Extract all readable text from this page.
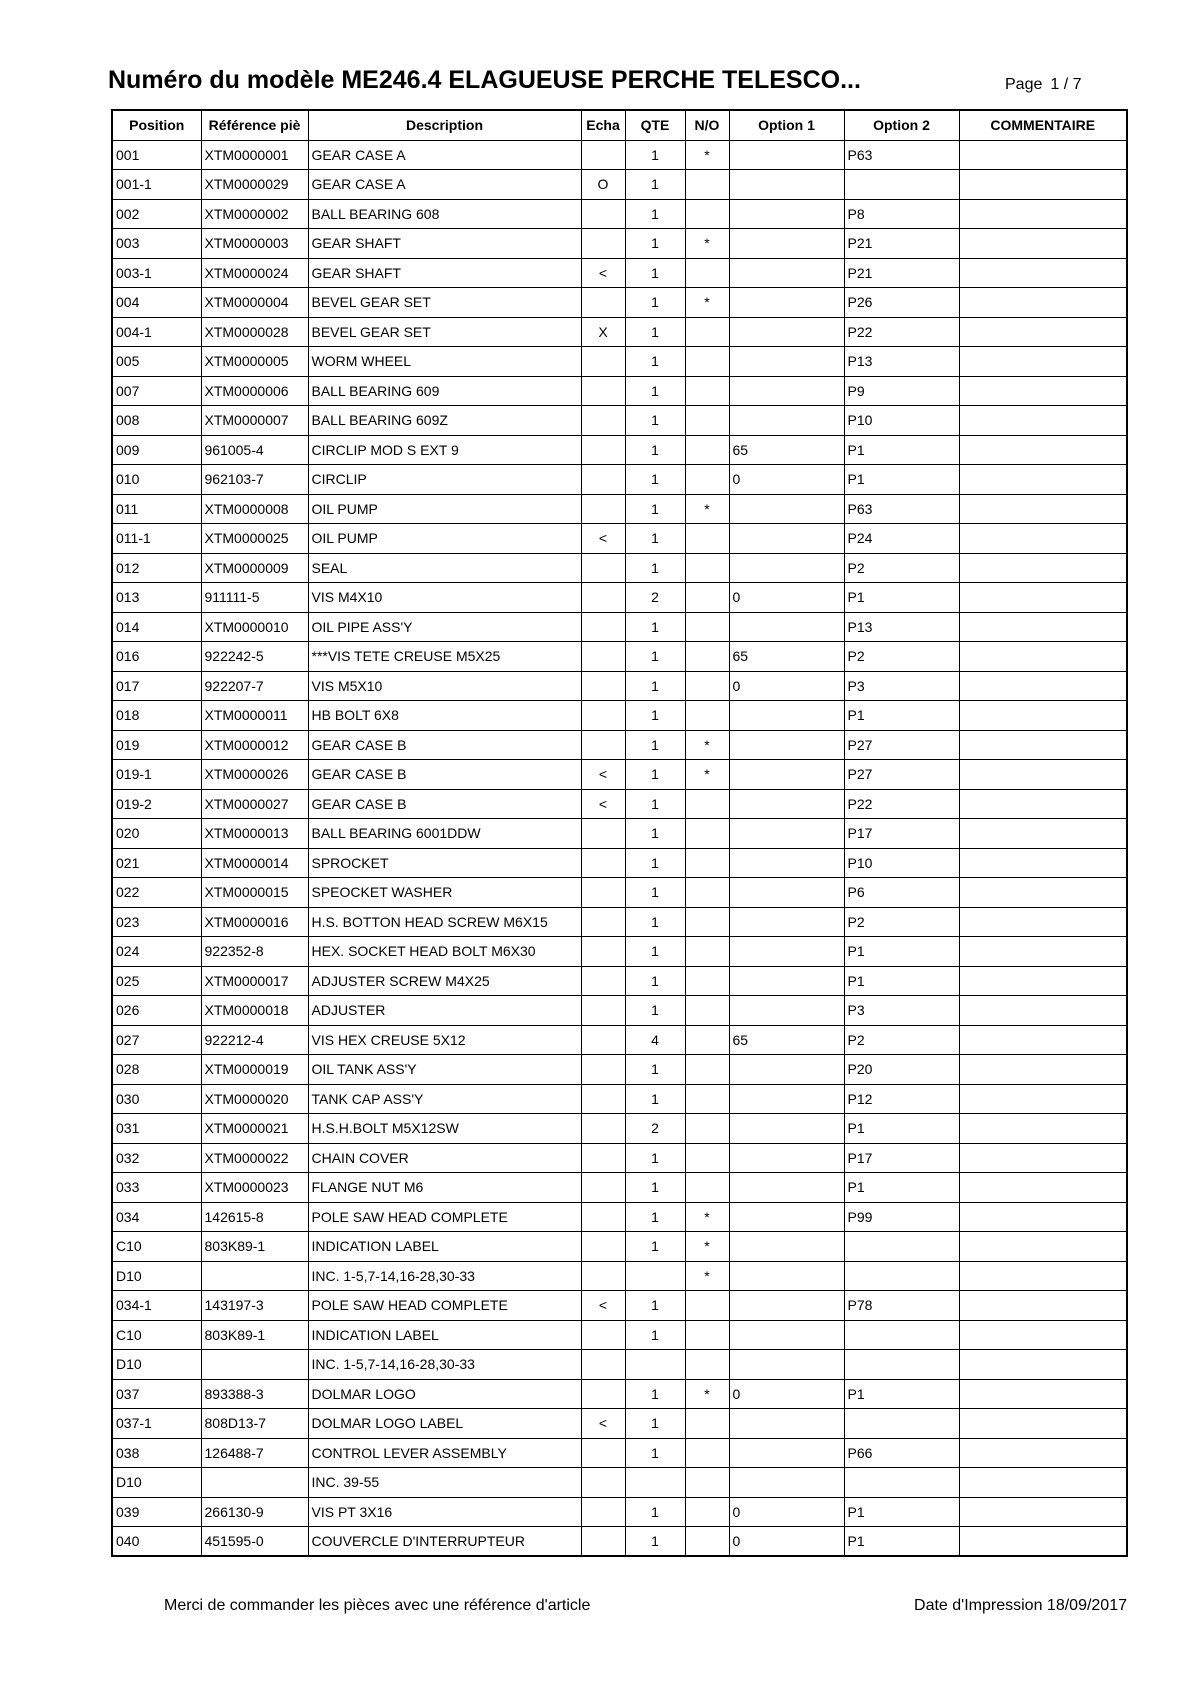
Numéro du modèle ME246.4 ELAGUEUSE PERCHE TELESCO...	Page 1 / 7
Position	Référence piè	Description	Echa	QTE	N/O	Option 1	Option 2	COMMENTAIRE
001	XTM0000001	GEAR CASE A		1	*		P63	
001-1	XTM0000029	GEAR CASE A	O	1				
002	XTM0000002	BALL BEARING 608		1			P8	
003	XTM0000003	GEAR SHAFT		1	*		P21	
003-1	XTM0000024	GEAR SHAFT	<	1			P21	
004	XTM0000004	BEVEL GEAR SET		1	*		P26	
004-1	XTM0000028	BEVEL GEAR SET	X	1			P22	
005	XTM0000005	WORM WHEEL		1			P13	
007	XTM0000006	BALL BEARING 609		1			P9	
008	XTM0000007	BALL BEARING 609Z		1			P10	
009	961005-4	CIRCLIP MOD S EXT 9		1		65	P1	
010	962103-7	CIRCLIP		1		0	P1	
011	XTM0000008	OIL PUMP		1	*		P63	
011-1	XTM0000025	OIL PUMP	<	1			P24	
012	XTM0000009	SEAL		1			P2	
013	911111-5	VIS M4X10		2		0	P1	
014	XTM0000010	OIL PIPE ASS'Y		1			P13	
016	922242-5	***VIS TETE CREUSE M5X25		1		65	P2	
017	922207-7	VIS M5X10		1		0	P3	
018	XTM0000011	HB BOLT 6X8		1			P1	
019	XTM0000012	GEAR CASE B		1	*		P27	
019-1	XTM0000026	GEAR CASE B	<	1	*		P27	
019-2	XTM0000027	GEAR CASE B	<	1			P22	
020	XTM0000013	BALL BEARING 6001DDW		1			P17	
021	XTM0000014	SPROCKET		1			P10	
022	XTM0000015	SPEOCKET WASHER		1			P6	
023	XTM0000016	H.S. BOTTON HEAD SCREW M6X15		1			P2	
024	922352-8	HEX. SOCKET HEAD BOLT M6X30		1			P1	
025	XTM0000017	ADJUSTER SCREW M4X25		1			P1	
026	XTM0000018	ADJUSTER		1			P3	
027	922212-4	VIS HEX CREUSE 5X12		4		65	P2	
028	XTM0000019	OIL TANK ASS'Y		1			P20	
030	XTM0000020	TANK CAP ASS'Y		1			P12	
031	XTM0000021	H.S.H.BOLT M5X12SW		2			P1	
032	XTM0000022	CHAIN COVER		1			P17	
033	XTM0000023	FLANGE NUT M6		1			P1	
034	142615-8	POLE SAW HEAD COMPLETE		1	*		P99	
C10	803K89-1	INDICATION LABEL		1	*			
D10		INC. 1-5,7-14,16-28,30-33			*			
034-1	143197-3	POLE SAW HEAD COMPLETE	<	1			P78	
C10	803K89-1	INDICATION LABEL		1				
D10		INC. 1-5,7-14,16-28,30-33						
037	893388-3	DOLMAR LOGO		1	*	0	P1	
037-1	808D13-7	DOLMAR LOGO LABEL	<	1				
038	126488-7	CONTROL LEVER ASSEMBLY		1			P66	
D10		INC. 39-55						
039	266130-9	VIS PT 3X16		1		0	P1	
040	451595-0	COUVERCLE D'INTERRUPTEUR		1		0	P1	
Merci de commander les pièces avec une référence d'article	Date d'Impression 18/09/2017
